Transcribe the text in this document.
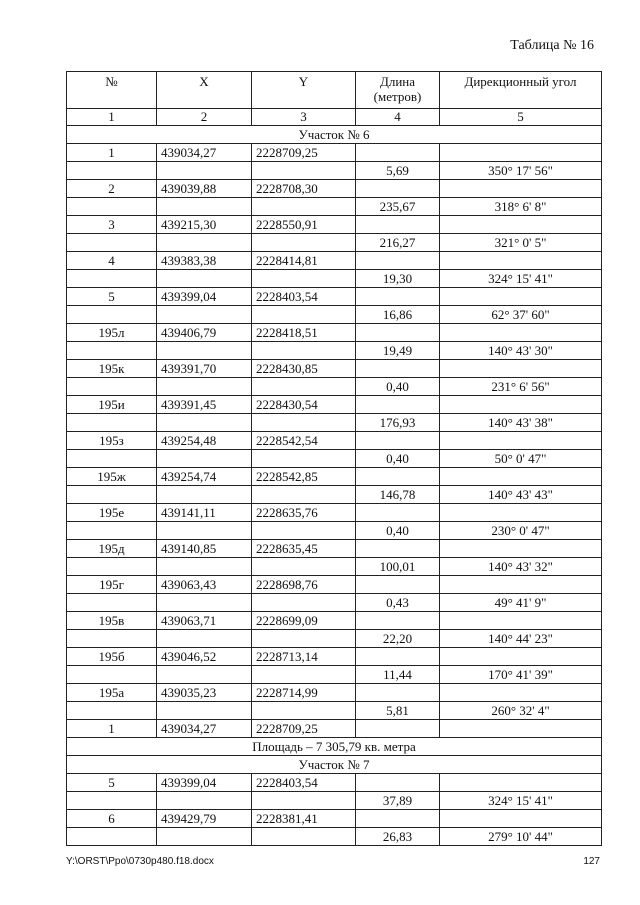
Таблица № 16
№	X	Y	Длина (метров)	Дирекционный угол
1	2	3	4	5
Участок № 6				
1	439034,27	2228709,25		
			5,69	350° 17' 56"
2	439039,88	2228708,30		
			235,67	318° 6' 8"
3	439215,30	2228550,91		
			216,27	321° 0' 5"
4	439383,38	2228414,81		
			19,30	324° 15' 41"
5	439399,04	2228403,54		
			16,86	62° 37' 60"
195л	439406,79	2228418,51		
			19,49	140° 43' 30"
195к	439391,70	2228430,85		
			0,40	231° 6' 56"
195и	439391,45	2228430,54		
			176,93	140° 43' 38"
195з	439254,48	2228542,54		
			0,40	50° 0' 47"
195ж	439254,74	2228542,85		
			146,78	140° 43' 43"
195е	439141,11	2228635,76		
			0,40	230° 0' 47"
195д	439140,85	2228635,45		
			100,01	140° 43' 32"
195г	439063,43	2228698,76		
			0,43	49° 41' 9"
195в	439063,71	2228699,09		
			22,20	140° 44' 23"
195б	439046,52	2228713,14		
			11,44	170° 41' 39"
195а	439035,23	2228714,99		
			5,81	260° 32' 4"
1	439034,27	2228709,25		
Площадь – 7 305,79 кв. метра				
Участок № 7				
5	439399,04	2228403,54		
			37,89	324° 15' 41"
6	439429,79	2228381,41		
			26,83	279° 10' 44"
Y:\ORST\Ppo\0730p480.f18.docx	127
